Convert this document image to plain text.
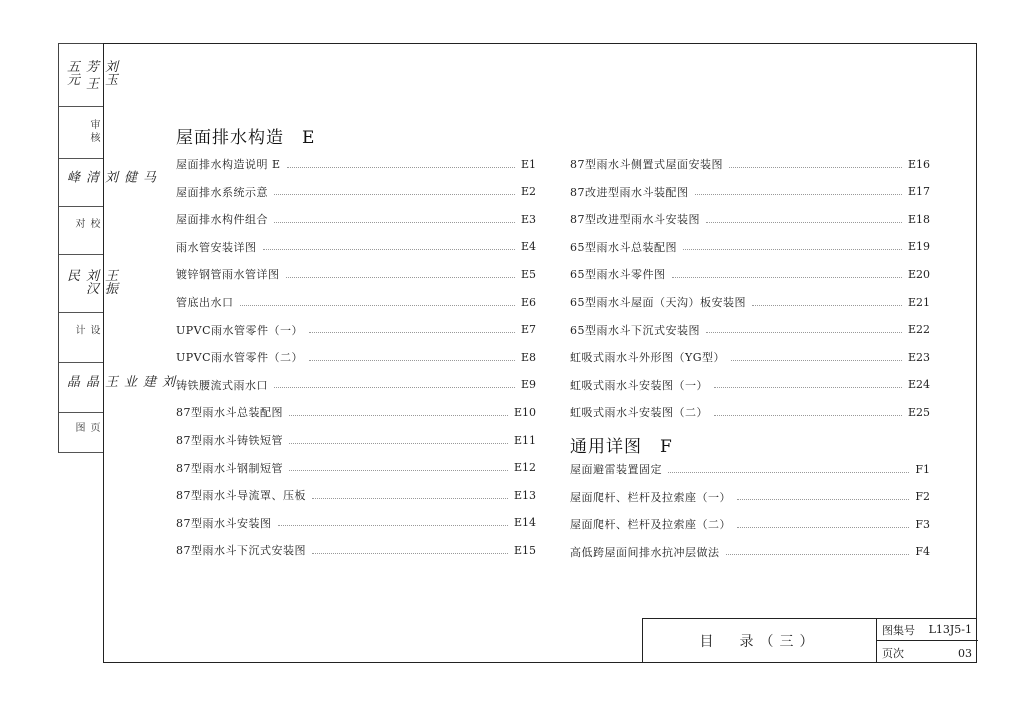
刘玉芳 王五元
审核
马健 刘清峰
校对
王振 刘汉民
设计
刘建业 王晶晶
页图
屋面排水构造　E
屋面排水构造说明 E	E1
屋面排水系统示意	E2
屋面排水构件组合	E3
雨水管安装详图	E4
镀锌钢管雨水管详图	E5
管底出水口	E6
UPVC雨水管零件（一）	E7
UPVC雨水管零件（二）	E8
铸铁腰流式雨水口	E9
87型雨水斗总装配图	E10
87型雨水斗铸铁短管	E11
87型雨水斗钢制短管	E12
87型雨水斗导流罩、压板	E13
87型雨水斗安装图	E14
87型雨水斗下沉式安装图	E15
87型雨水斗侧置式屋面安装图	E16
87改进型雨水斗装配图	E17
87型改进型雨水斗安装图	E18
65型雨水斗总装配图	E19
65型雨水斗零件图	E20
65型雨水斗屋面（天沟）板安装图	E21
65型雨水斗下沉式安装图	E22
虹吸式雨水斗外形图（YG型）	E23
虹吸式雨水斗安装图（一）	E24
虹吸式雨水斗安装图（二）	E25
通用详图　F
屋面避雷装置固定	F1
屋面爬杆、栏杆及拉索座（一）	F2
屋面爬杆、栏杆及拉索座（二）	F3
高低跨屋面间排水抗冲层做法	F4
目　录（三）
图集号 L13J5-1
页次	03
